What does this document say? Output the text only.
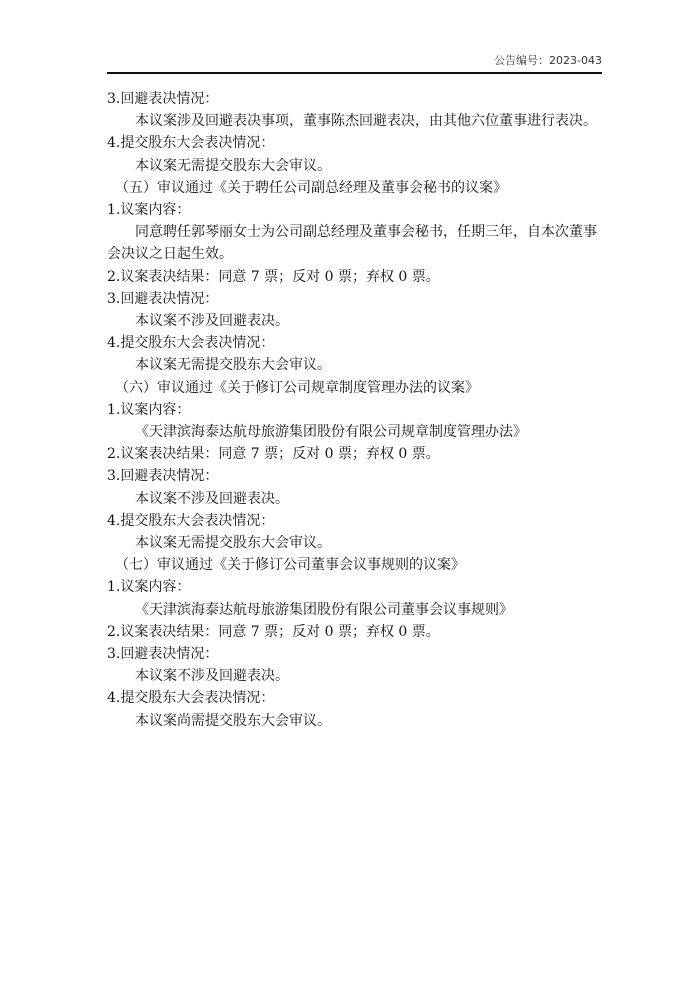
公告编号：2023-043
3.回避表决情况：
本议案涉及回避表决事项，董事陈杰回避表决，由其他六位董事进行表决。
4.提交股东大会表决情况：
本议案无需提交股东大会审议。
（五）审议通过《关于聘任公司副总经理及董事会秘书的议案》
1.议案内容：
同意聘任郭琴丽女士为公司副总经理及董事会秘书，任期三年，自本次董事
会决议之日起生效。
2.议案表决结果：同意 7 票；反对 0 票；弃权 0 票。
3.回避表决情况：
本议案不涉及回避表决。
4.提交股东大会表决情况：
本议案无需提交股东大会审议。
（六）审议通过《关于修订公司规章制度管理办法的议案》
1.议案内容：
《天津滨海泰达航母旅游集团股份有限公司规章制度管理办法》
2.议案表决结果：同意 7 票；反对 0 票；弃权 0 票。
3.回避表决情况：
本议案不涉及回避表决。
4.提交股东大会表决情况：
本议案无需提交股东大会审议。
（七）审议通过《关于修订公司董事会议事规则的议案》
1.议案内容：
《天津滨海泰达航母旅游集团股份有限公司董事会议事规则》
2.议案表决结果：同意 7 票；反对 0 票；弃权 0 票。
3.回避表决情况：
本议案不涉及回避表决。
4.提交股东大会表决情况：
本议案尚需提交股东大会审议。
